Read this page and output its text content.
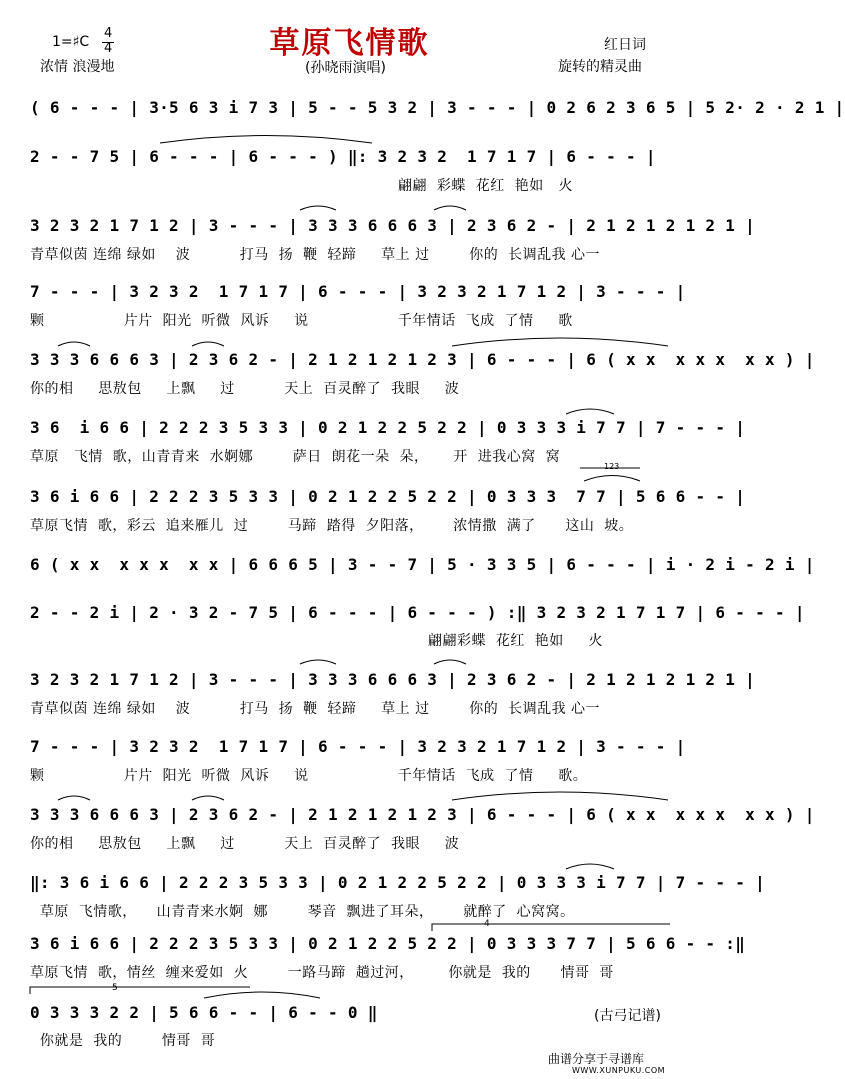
草原飞情歌
1=♯C
4
4
浓情 浪漫地	(孙晓雨演唱)
红日词
旋转的精灵曲
( 6 - - - | 3·5 6 3 i 7 3 | 5 - - 5 3 2 | 3 - - - | 0 2 6 2 3 6 5 | 5 2· 2 · 2 1 |
2 - - 7 5 | 6 - - - | 6 - - - ) ‖: 3 2 3 2  1 7 1 7 | 6 - - - |
翩翩  彩蝶  花红  艳如   火
3 2 3 2 1 7 1 2 | 3 - - - | 3 3 3 6 6 6 3 | 2 3 6 2 - | 2 1 2 1 2 1 2 1 |
青草似茵 连绵 绿如    波          打马  扬  鞭  轻蹄     草上 过        你的  长调乱我 心一
7 - - - | 3 2 3 2  1 7 1 7 | 6 - - - | 3 2 3 2 1 7 1 2 | 3 - - - |
颗                片片  阳光  听微  风诉     说                  千年情话  飞成  了情     歌
3 3 3 6 6 6 3 | 2 3 6 2 - | 2 1 2 1 2 1 2 3 | 6 - - - | 6 ( x x  x x x  x x ) |
你的相     思敖包     上飘     过          天上  百灵醉了  我眼     波
3 6  i 6 6 | 2 2 2 3 5 3 3 | 0 2 1 2 2 5 2 2 | 0 3 3 3 i 7 7 | 7 - - - |
草原   飞情  歌，山青青来  水婀娜        萨日  朗花一朵  朵，     开  进我心窝  窝
3 6 i 6 6 | 2 2 2 3 5 3 3 | 0 2 1 2 2 5 2 2 | 0 3 3 3  7 7 | 5 6 6 - - |
草原飞情  歌，彩云  追来雁儿  过        马蹄  踏得  夕阳落，      浓情撒  满了      这山  坡。
6 ( x x  x x x  x x | 6 6 6 5 | 3 - - 7 | 5 · 3 3 5 | 6 - - - | i · 2 i - 2 i |
2 - - 2 i | 2 · 3 2 - 7 5 | 6 - - - | 6 - - - ) :‖ 3 2 3 2 1 7 1 7 | 6 - - - |
翩翩彩蝶  花红  艳如     火
3 2 3 2 1 7 1 2 | 3 - - - | 3 3 3 6 6 6 3 | 2 3 6 2 - | 2 1 2 1 2 1 2 1 |
青草似茵 连绵 绿如    波          打马  扬  鞭  轻蹄     草上 过        你的  长调乱我 心一
7 - - - | 3 2 3 2  1 7 1 7 | 6 - - - | 3 2 3 2 1 7 1 2 | 3 - - - |
颗                片片  阳光  听微  风诉     说                  千年情话  飞成  了情     歌。
3 3 3 6 6 6 3 | 2 3 6 2 - | 2 1 2 1 2 1 2 3 | 6 - - - | 6 ( x x  x x x  x x ) |
你的相     思敖包     上飘     过          天上  百灵醉了  我眼     波
‖: 3 6 i 6 6 | 2 2 2 3 5 3 3 | 0 2 1 2 2 5 2 2 | 0 3 3 3 i 7 7 | 7 - - - |
草原  飞情歌，    山青青来水婀  娜        琴音  飘进了耳朵，      就醉了  心窝窝。
3 6 i 6 6 | 2 2 2 3 5 3 3 | 0 2 1 2 2 5 2 2 | 0 3 3 3 7 7 | 5 6 6 - - :‖
草原飞情  歌，情丝  缠来爱如  火        一路马蹄  趟过河，       你就是  我的      情哥  哥
0 3 3 3 2 2 | 5 6 6 - - | 6 - - 0 ‖
你就是  我的        情哥  哥
123
4
5
(古弓记谱)
曲谱分享于寻谱库
WWW.XUNPUKU.COM
